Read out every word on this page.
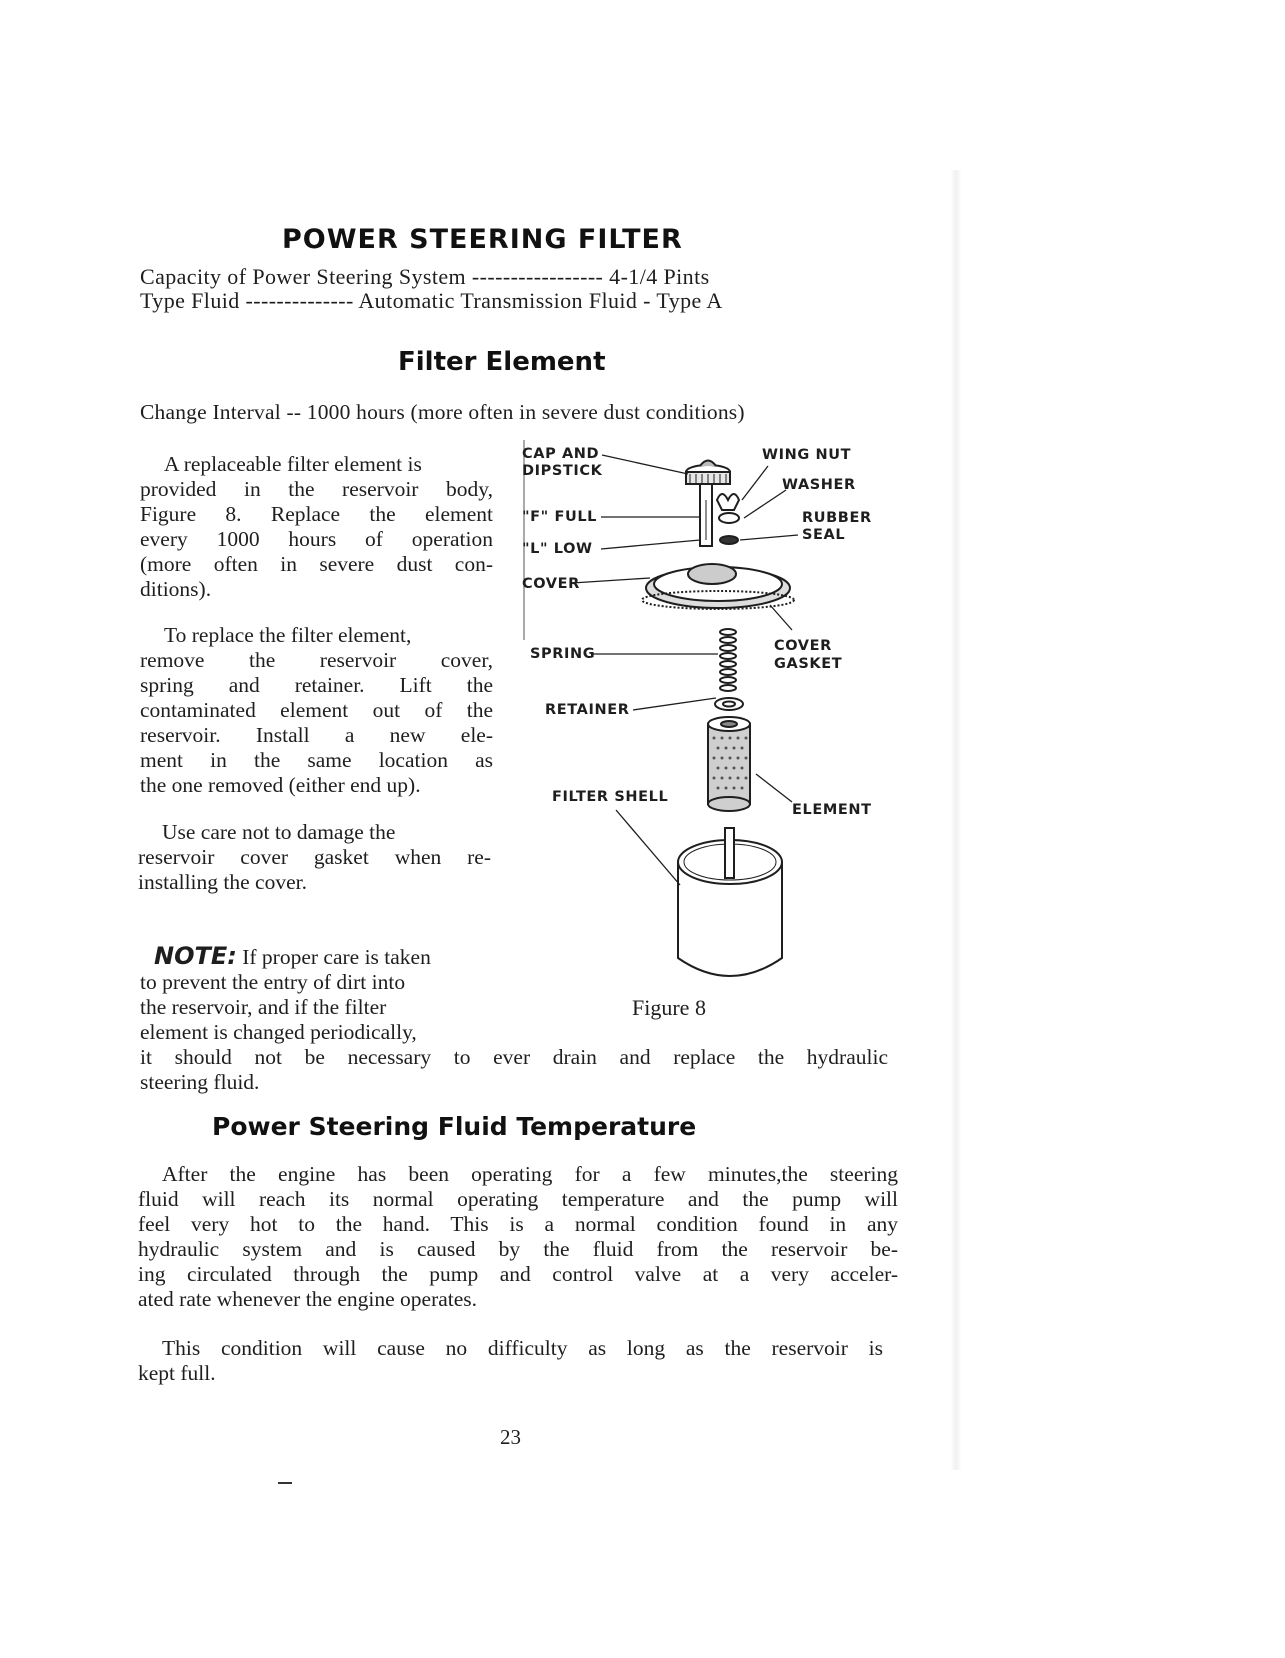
POWER STEERING FILTER
Capacity of Power Steering System ----------------- 4-1/4 Pints
Type Fluid -------------- Automatic Transmission Fluid - Type A
Filter Element
Change Interval -- 1000 hours (more often in severe dust conditions)
A replaceable filter element is
provided in the reservoir body,
Figure 8. Replace the element
every 1000 hours of operation
(more often in severe dust con-
ditions).
To replace the filter element,
remove the reservoir cover,
spring and retainer. Lift the
contaminated element out of the
reservoir. Install a new ele-
ment in the same location as
the one removed (either end up).
Use care not to damage the
reservoir cover gasket when re-
installing the cover.
NOTE: If proper care is taken
to prevent the entry of dirt into
the reservoir, and if the filter
element is changed periodically,
it should not be necessary to ever drain and replace the hydraulic
steering fluid.
CAP AND
DIPSTICK
WING NUT
WASHER
"F" FULL	RUBBER
SEAL
"L" LOW
COVER
SPRING	COVER
GASKET
RETAINER
FILTER SHELL
ELEMENT
Figure 8
Power Steering Fluid Temperature
After the engine has been operating for a few minutes,the steering
fluid will reach its normal operating temperature and the pump will
feel very hot to the hand. This is a normal condition found in any
hydraulic system and is caused by the fluid from the reservoir be-
ing circulated through the pump and control valve at a very acceler-
ated rate whenever the engine operates.
This condition will cause no difficulty as long as the reservoir is
kept full.
23
